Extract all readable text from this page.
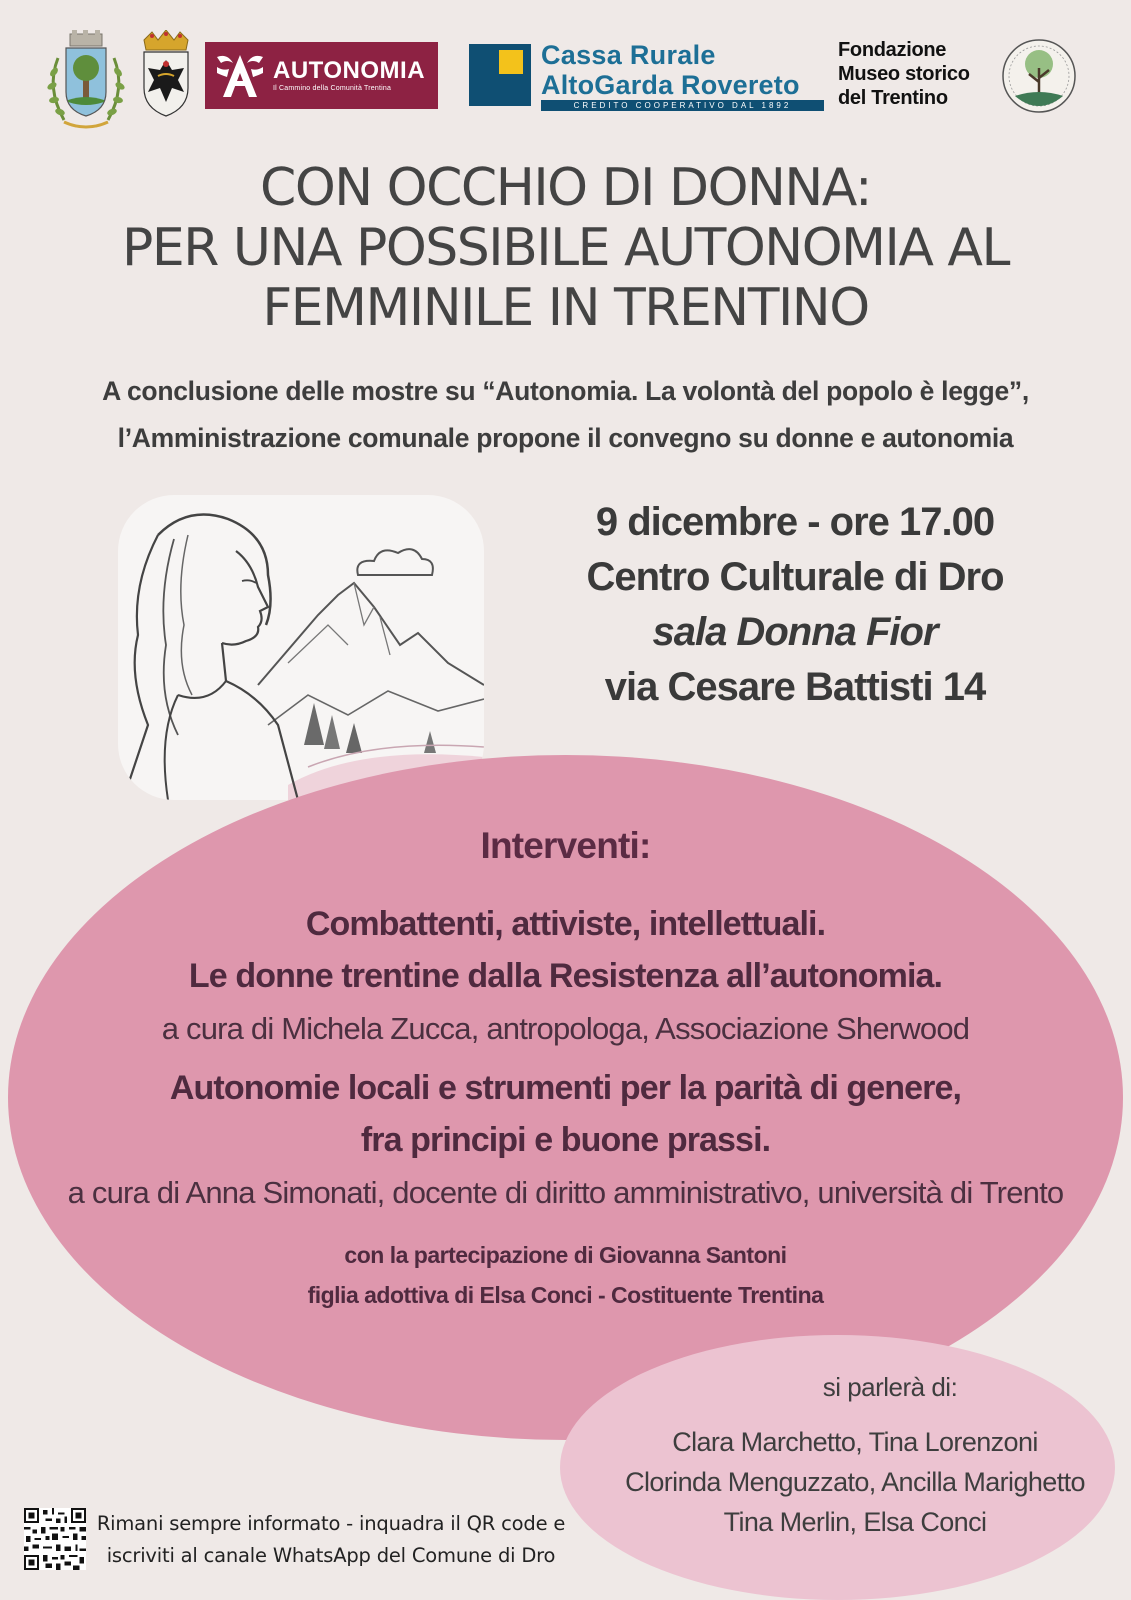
AUTONOMIA
Il Cammino della Comunità Trentina
Cassa Rurale
AltoGarda Rovereto
CREDITO COOPERATIVO DAL 1892
Fondazione
Museo storico
del Trentino
CON OCCHIO DI DONNA:
PER UNA POSSIBILE AUTONOMIA AL
FEMMINILE IN TRENTINO
A conclusione delle mostre su “Autonomia. La volontà del popolo è legge”,
l’Amministrazione comunale propone il convegno su donne e autonomia
9 dicembre - ore 17.00
Centro Culturale di Dro
sala Donna Fior
via Cesare Battisti 14
Interventi:
Combattenti, attiviste, intellettuali.
Le donne trentine dalla Resistenza all’autonomia.
a cura di Michela Zucca, antropologa, Associazione Sherwood
Autonomie locali e strumenti per la parità di genere,
fra principi e buone prassi.
a cura di Anna Simonati, docente di diritto amministrativo, università di Trento
con la partecipazione di Giovanna Santoni
figlia adottiva di Elsa Conci - Costituente Trentina
si parlerà di:
Clara Marchetto, Tina Lorenzoni
Clorinda Menguzzato, Ancilla Marighetto
Tina Merlin, Elsa Conci
Rimani sempre informato - inquadra il QR code e
iscriviti al canale WhatsApp del Comune di Dro
